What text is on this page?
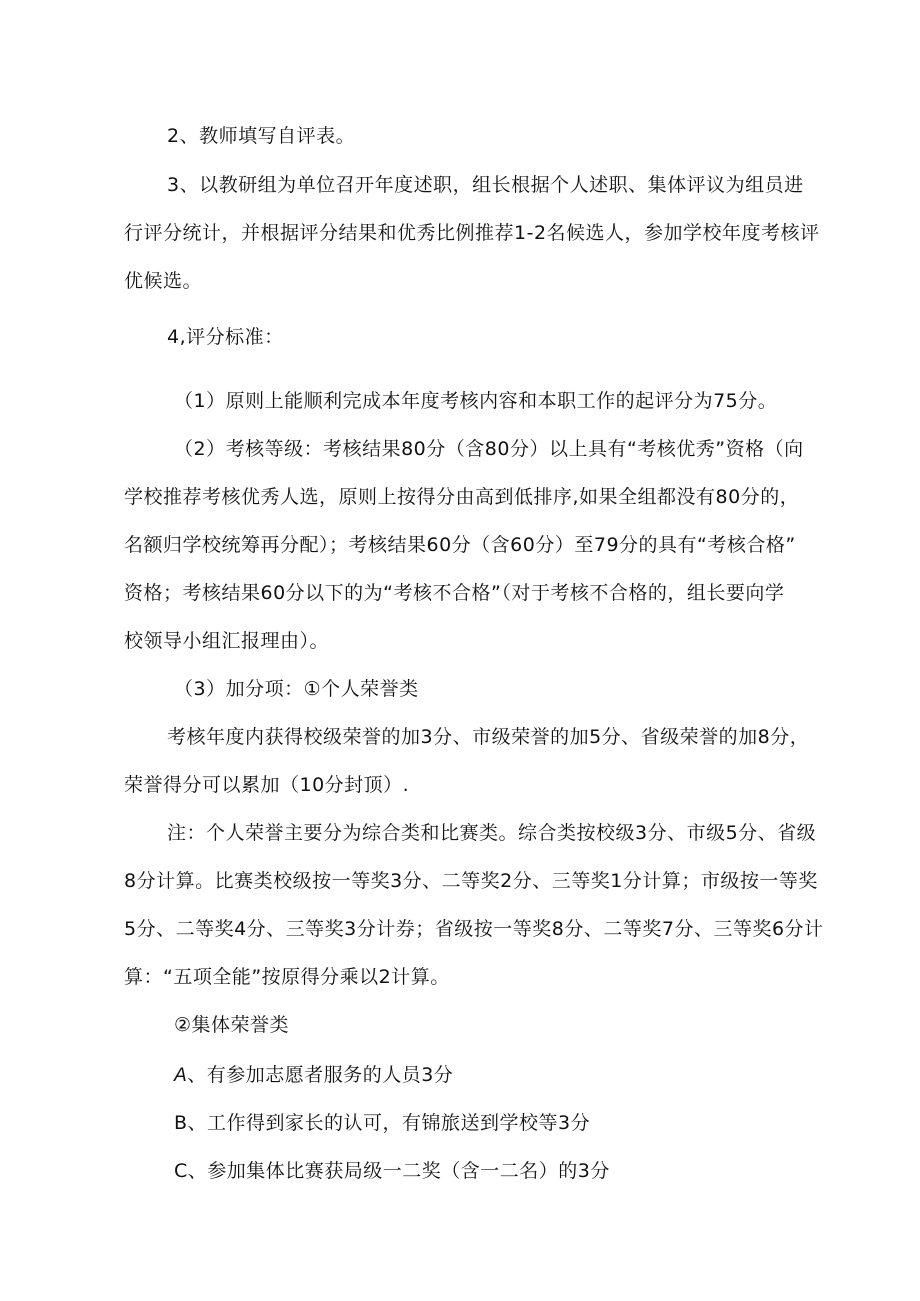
2、教师填写自评表。
3、以教研组为单位召开年度述职，组长根据个人述职、集体评议为组员进
行评分统计，并根据评分结果和优秀比例推荐1-2名候选人，参加学校年度考核评
优候选。
4,评分标准：
（1）原则上能顺利完成本年度考核内容和本职工作的起评分为75分。
（2）考核等级：考核结果80分（含80分）以上具有“考核优秀”资格（向
学校推荐考核优秀人选，原则上按得分由高到低排序,如果全组都没有80分的，
名额归学校统筹再分配）；考核结果60分（含60分）至79分的具有“考核合格”
资格；考核结果60分以下的为“考核不合格”（对于考核不合格的，组长要向学
校领导小组汇报理由）。
（3）加分项：①个人荣誉类
考核年度内获得校级荣誉的加3分、市级荣誉的加5分、省级荣誉的加8分，
荣誉得分可以累加（10分封顶）.
注：个人荣誉主要分为综合类和比赛类。综合类按校级3分、市级5分、省级
8分计算。比赛类校级按一等奖3分、二等奖2分、三等奖1分计算；市级按一等奖
5分、二等奖4分、三等奖3分计券；省级按一等奖8分、二等奖7分、三等奖6分计
算：“五项全能”按原得分乘以2计算。
②集体荣誉类
A、有参加志愿者服务的人员3分
B、工作得到家长的认可，有锦旅送到学校等3分
C、参加集体比赛获局级一二奖（含一二名）的3分
